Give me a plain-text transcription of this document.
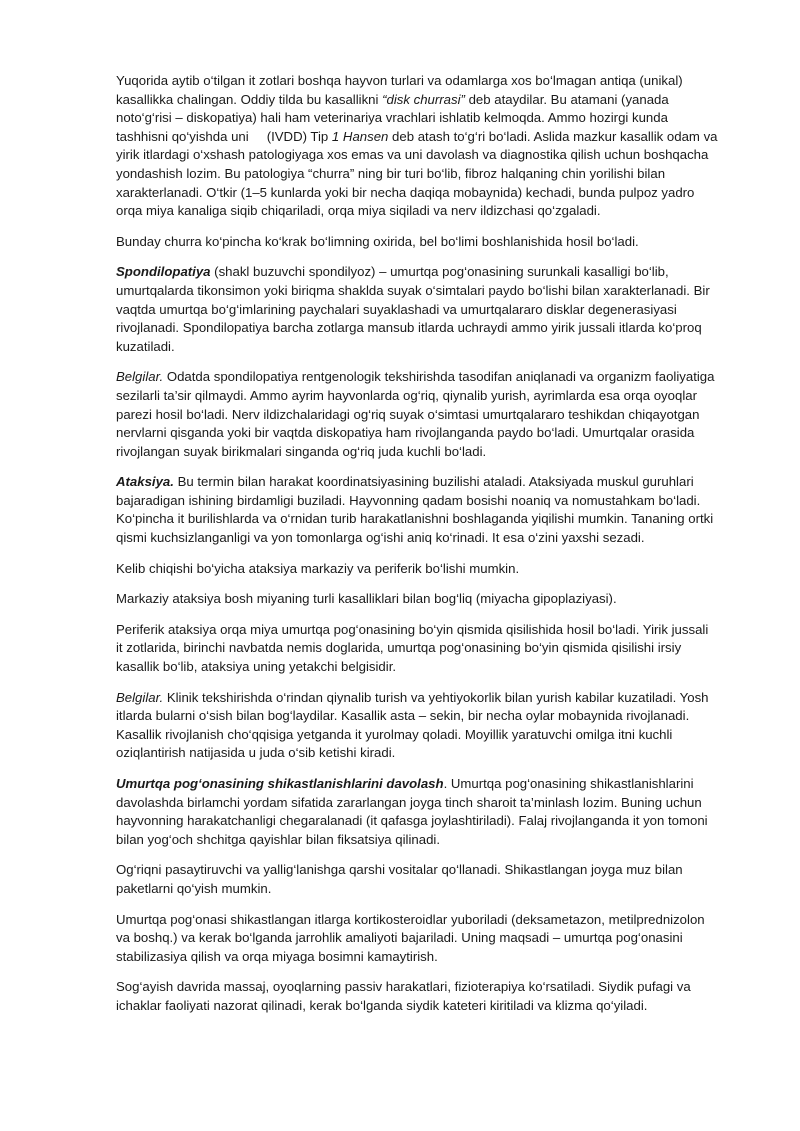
Yuqorida aytib o‘tilgan it zotlari boshqa hayvon turlari va odamlarga xos bo‘lmagan antiqa (unikal) kasallikka chalingan. Oddiy tilda bu kasallikni “disk churrasi” deb ataydilar. Bu atamani (yanada noto‘g‘risi – diskopatiya) hali ham veterinariya vrachlari ishlatib kelmoqda. Ammo hozirgi kunda tashhisni qo‘yishda uni (IVDD) Tip 1 Hansen deb atash to‘g‘ri bo‘ladi. Aslida mazkur kasallik odam va yirik itlardagi o‘xshash patologiyaga xos emas va uni davolash va diagnostika qilish uchun boshqacha yondashish lozim. Bu patologiya “churra” ning bir turi bo‘lib, fibroz halqaning chin yorilishi bilan xarakterlanadi. O‘tkir (1–5 kunlarda yoki bir necha daqiqa mobaynida) kechadi, bunda pulpoz yadro orqa miya kanaliga siqib chiqariladi, orqa miya siqiladi va nerv ildizchasi qo‘zgaladi.

Bunday churra ko‘pincha ko‘krak bo‘limning oxirida, bel bo‘limi boshlanishida hosil bo‘ladi.

Spondilopatiya (shakl buzuvchi spondilyoz) – umurtqa pog‘onasining surunkali kasalligi bo‘lib, umurtqalarda tikonsimon yoki biriqma shaklda suyak o‘simtalari paydo bo‘lishi bilan xarakterlanadi. Bir vaqtda umurtqa bo‘g‘imlarining paychalari suyaklashadi va umurtqalararo disklar degenerasiyasi rivojlanadi. Spondilopatiya barcha zotlarga mansub itlarda uchraydi ammo yirik jussali itlarda ko‘proq kuzatiladi.

Belgilar. Odatda spondilopatiya rentgenologik tekshirishda tasodifan aniqlanadi va organizm faoliyatiga sezilarli ta’sir qilmaydi. Ammo ayrim hayvonlarda og‘riq, qiynalib yurish, ayrimlarda esa orqa oyoqlar parezi hosil bo‘ladi. Nerv ildizchalaridagi og‘riq suyak o‘simtasi umurtqalararo teshikdan chiqayotgan nervlarni qisganda yoki bir vaqtda diskopatiya ham rivojlanganda paydo bo‘ladi. Umurtqalar orasida rivojlangan suyak birikmalari singanda og‘riq juda kuchli bo‘ladi.

Ataksiya. Bu termin bilan harakat koordinatsiyasining buzilishi ataladi. Ataksiyada muskul guruhlari bajaradigan ishining birdamligi buziladi. Hayvonning qadam bosishi noaniq va nomustahkam bo‘ladi. Ko‘pincha it burilishlarda va o‘rnidan turib harakatlanishni boshlaganda yiqilishi mumkin. Tananing ortki qismi kuchsizlanganligi va yon tomonlarga og‘ishi aniq ko‘rinadi. It esa o‘zini yaxshi sezadi.

Kelib chiqishi bo‘yicha ataksiya markaziy va periferik bo‘lishi mumkin.

Markaziy ataksiya bosh miyaning turli kasalliklari bilan bog‘liq (miyacha gipoplaziyasi).

Periferik ataksiya orqa miya umurtqa pog‘onasining bo‘yin qismida qisilishida hosil bo‘ladi. Yirik jussali it zotlarida, birinchi navbatda nemis doglarida, umurtqa pog‘onasining bo‘yin qismida qisilishi irsiy kasallik bo‘lib, ataksiya uning yetakchi belgisidir.

Belgilar. Klinik tekshirishda o‘rindan qiynalib turish va yehtiyokorlik bilan yurish kabilar kuzatiladi. Yosh itlarda bularni o‘sish bilan bog‘laydilar. Kasallik asta – sekin, bir necha oylar mobaynida rivojlanadi. Kasallik rivojlanish cho‘qqisiga yetganda it yurolmay qoladi. Moyillik yaratuvchi omilga itni kuchli oziqlantirish natijasida u juda o‘sib ketishi kiradi.

Umurtqa pog‘onasining shikastlanishlarini davolash. Umurtqa pog‘onasining shikastlanishlarini davolashda birlamchi yordam sifatida zararlangan joyga tinch sharoit ta’minlash lozim. Buning uchun hayvonning harakatchanligi chegaralanadi (it qafasga joylashtiriladi). Falaj rivojlanganda it yon tomoni bilan yog‘och shchitga qayishlar bilan fiksatsiya qilinadi.

Og‘riqni pasaytiruvchi va yallig‘lanishga qarshi vositalar qo‘llanadi. Shikastlangan joyga muz bilan paketlarni qo‘yish mumkin.

Umurtqa pog‘onasi shikastlangan itlarga kortikosteroidlar yuboriladi (deksametazon, metilprednizolon va boshq.) va kerak bo‘lganda jarrohlik amaliyoti bajariladi. Uning maqsadi – umurtqa pog‘onasini stabilizasiya qilish va orqa miyaga bosimni kamaytirish.

Sog‘ayish davrida massaj, oyoqlarning passiv harakatlari, fizioterapiya ko‘rsatiladi. Siydik pufagi va ichaklar faoliyati nazorat qilinadi, kerak bo‘lganda siydik kateteri kiritiladi va klizma qo‘yiladi.
